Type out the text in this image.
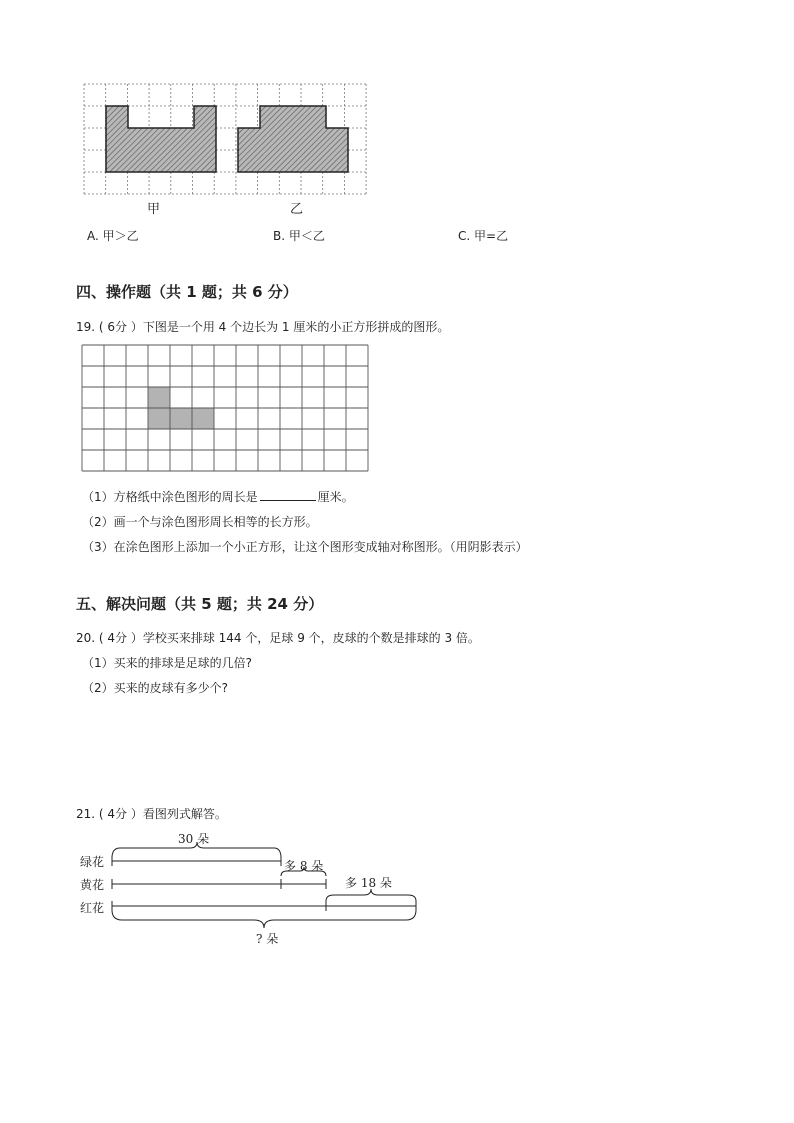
甲	乙
A. 甲＞乙	B. 甲＜乙	C. 甲=乙
四、操作题（共 1 题；共 6 分）
19. ( 6分 ）下图是一个用 4 个边长为 1 厘米的小正方形拼成的图形。
（1）方格纸中涂色图形的周长是	厘米。
（2）画一个与涂色图形周长相等的长方形。
（3）在涂色图形上添加一个小正方形，让这个图形变成轴对称图形。（用阴影表示）
五、解决问题（共 5 题；共 24 分）
20. ( 4分 ）学校买来排球 144 个，足球 9 个，皮球的个数是排球的 3 倍。
（1）买来的排球是足球的几倍?
（2）买来的皮球有多少个?
21. ( 4分 ）看图列式解答。
绿花
黄花
红花
30 朵
多 8 朵
多 18 朵
? 朵
